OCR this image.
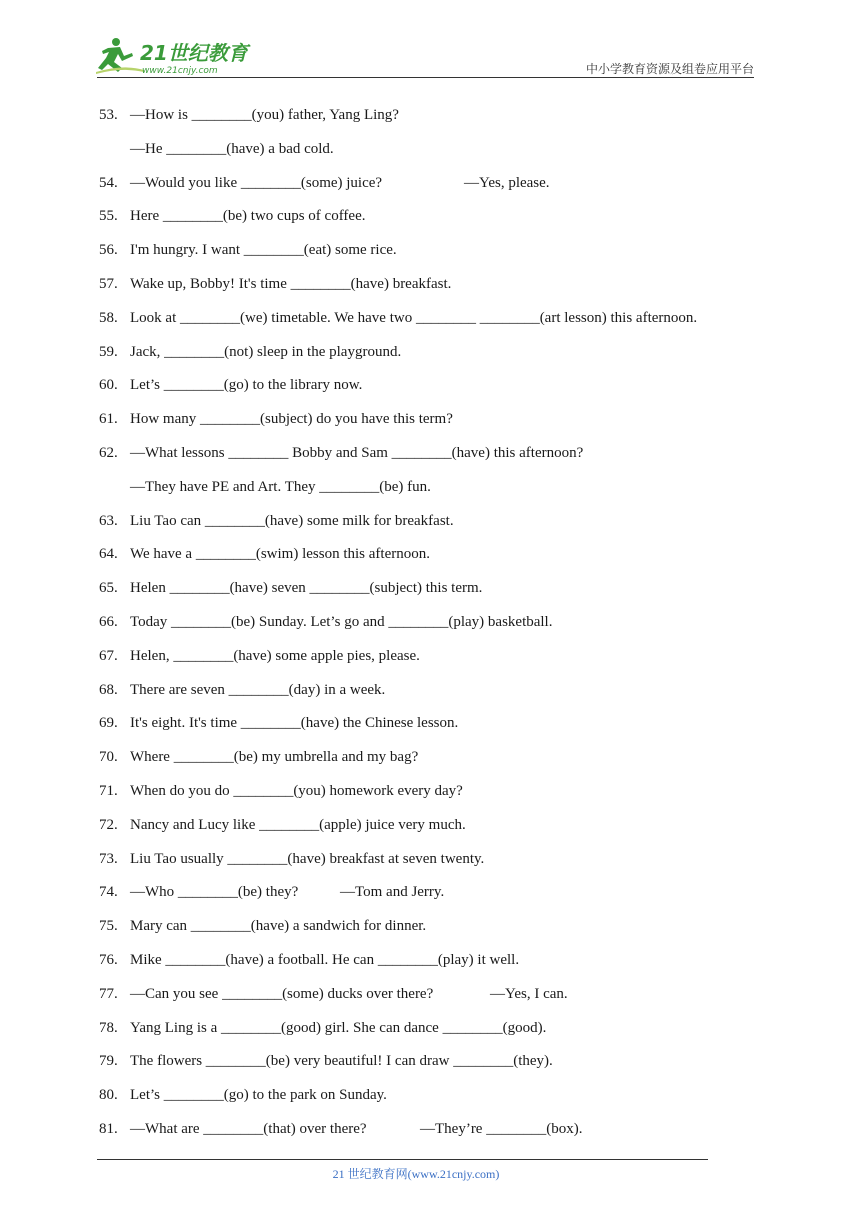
21世纪教育
www.21cnjy.com	中小学教育资源及组卷应用平台
53. —How is ________(you) father, Yang Ling?
—He ________(have) a bad cold.
54. —Would you like ________(some) juice?	—Yes, please.
55. Here ________(be) two cups of coffee.
56. I'm hungry. I want ________(eat) some rice.
57. Wake up, Bobby! It's time ________(have) breakfast.
58. Look at ________(we) timetable. We have two ________ ________(art lesson) this afternoon.
59. Jack, ________(not) sleep in the playground.
60. Let’s ________(go) to the library now.
61. How many ________(subject) do you have this term?
62. —What lessons ________ Bobby and Sam ________(have) this afternoon?
—They have PE and Art. They ________(be) fun.
63. Liu Tao can ________(have) some milk for breakfast.
64. We have a ________(swim) lesson this afternoon.
65. Helen ________(have) seven ________(subject) this term.
66. Today ________(be) Sunday. Let’s go and ________(play) basketball.
67. Helen, ________(have) some apple pies, please.
68. There are seven ________(day) in a week.
69. It's eight. It's time ________(have) the Chinese lesson.
70. Where ________(be) my umbrella and my bag?
71. When do you do ________(you) homework every day?
72. Nancy and Lucy like ________(apple) juice very much.
73. Liu Tao usually ________(have) breakfast at seven twenty.
74. —Who ________(be) they?	—Tom and Jerry.
75. Mary can ________(have) a sandwich for dinner.
76. Mike ________(have) a football. He can ________(play) it well.
77. —Can you see ________(some) ducks over there?	—Yes, I can.
78. Yang Ling is a ________(good) girl. She can dance ________(good).
79. The flowers ________(be) very beautiful! I can draw ________(they).
80. Let’s ________(go) to the park on Sunday.
81. —What are ________(that) over there?	—They’re ________(box).
21 世纪教育网(www.21cnjy.com)
